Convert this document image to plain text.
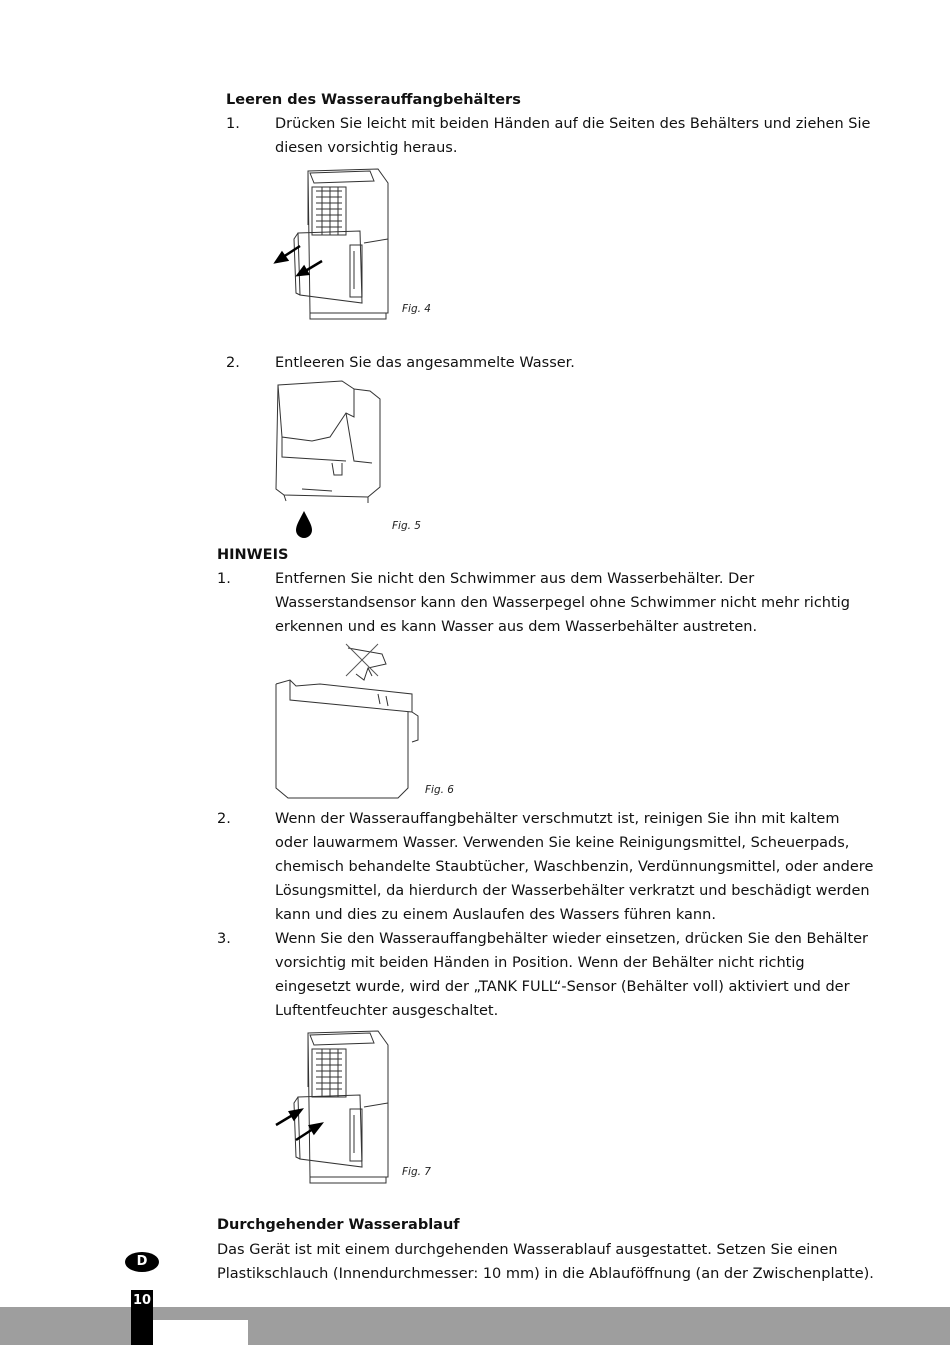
Leeren des Wasserauffangbehälters
1. Drücken Sie leicht mit beiden Händen auf die Seiten des Behälters und ziehen Sie
diesen vorsichtig heraus.
Fig. 4
2. Entleeren Sie das angesammelte Wasser.
Fig. 5
HINWEIS
1.	Entfernen Sie nicht den Schwimmer aus dem Wasserbehälter. Der
Wasserstandsensor kann den Wasserpegel ohne Schwimmer nicht mehr richtig
erkennen und es kann Wasser aus dem Wasserbehälter austreten.
Fig. 6
2.	Wenn der Wasserauffangbehälter verschmutzt ist, reinigen Sie ihn mit kaltem
oder lauwarmem Wasser. Verwenden Sie keine Reinigungsmittel, Scheuerpads,
chemisch behandelte Staubtücher, Waschbenzin, Verdünnungsmittel, oder andere
Lösungsmittel, da hierdurch der Wasserbehälter verkratzt und beschädigt werden
kann und dies zu einem Auslaufen des Wassers führen kann.
3.	Wenn Sie den Wasserauffangbehälter wieder einsetzen, drücken Sie den Behälter
vorsichtig mit beiden Händen in Position. Wenn der Behälter nicht richtig
eingesetzt wurde, wird der „TANK FULL“-Sensor (Behälter voll) aktiviert und der
Luftentfeuchter ausgeschaltet.
Fig. 7
Durchgehender Wasserablauf
Das Gerät ist mit einem durchgehenden Wasserablauf ausgestattet. Setzen Sie einen
Plastikschlauch (Innendurchmesser: 10 mm) in die Ablauföffnung (an der Zwischenplatte).
D
10
